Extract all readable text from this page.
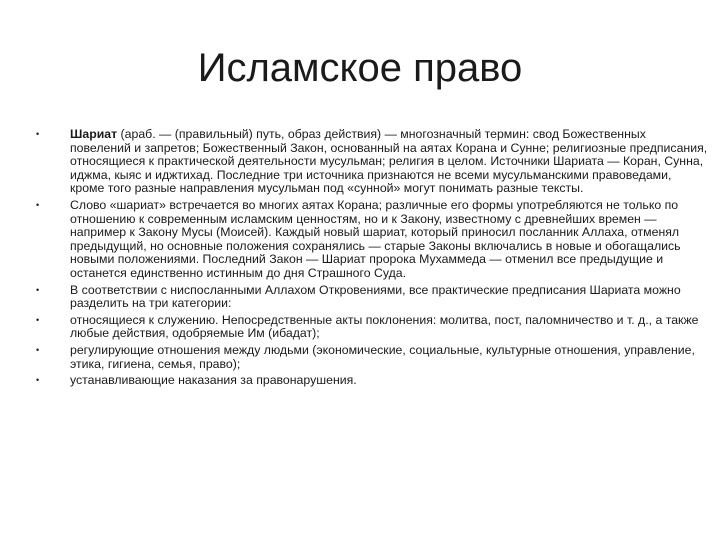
Исламское право
•	Шариат (араб. — (правильный) путь, образ действия) — многозначный термин: свод Божественных повелений и запретов; Божественный Закон, основанный на аятах Корана и Сунне; религиозные предписания, относящиеся к практической деятельности мусульман; религия в целом. Источники Шариата — Коран, Сунна, иджма, кыяс и иджтихад. Последние три источника признаются не всеми мусульманскими правоведами, кроме того разные направления мусульман под «сунной» могут понимать разные тексты.
•	Слово «шариат» встречается во многих аятах Корана; различные его формы употребляются не только по отношению к современным исламским ценностям, но и к Закону, известному с древнейших времен — например к Закону Мусы (Моисей). Каждый новый шариат, который приносил посланник Аллаха, отменял предыдущий, но основные положения сохранялись — старые Законы включались в новые и обогащались новыми положениями. Последний Закон — Шариат пророка Мухаммеда — отменил все предыдущие и останется единственно истинным до дня Страшного Суда.
•	В соответствии с ниспосланными Аллахом Откровениями, все практические предписания Шариата можно разделить на три категории:
•	относящиеся к служению. Непосредственные акты поклонения: молитва, пост, паломничество и т. д., а также любые действия, одобряемые Им (ибадат);
•	регулирующие отношения между людьми (экономические, социальные, культурные отношения, управление, этика, гигиена, семья, право);
•	устанавливающие наказания за правонарушения.
